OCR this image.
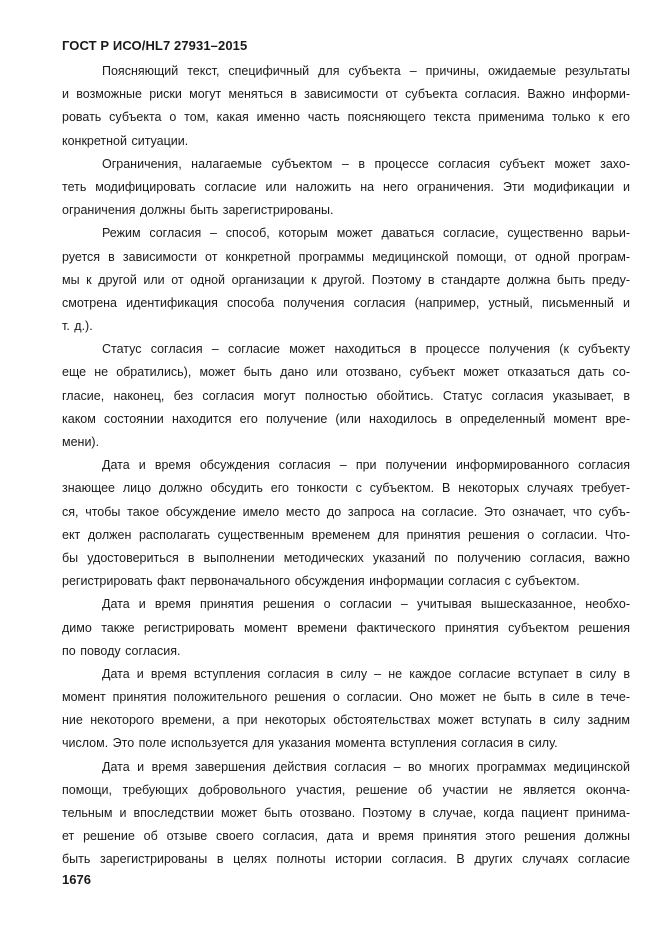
ГОСТ Р ИСО/HL7 27931–2015
Поясняющий текст, специфичный для субъекта – причины, ожидаемые результаты
и возможные риски могут меняться в зависимости от субъекта согласия. Важно информи-
ровать субъекта о том, какая именно часть поясняющего текста применима только к его
конкретной ситуации.
Ограничения, налагаемые субъектом – в процессе согласия субъект может захо-
теть модифицировать согласие или наложить на него ограничения. Эти модификации и
ограничения должны быть зарегистрированы.
Режим согласия – способ, которым может даваться согласие, существенно варьи-
руется в зависимости от конкретной программы медицинской помощи, от одной програм-
мы к другой или от одной организации к другой. Поэтому в стандарте должна быть преду-
смотрена идентификация способа получения согласия (например, устный, письменный и
т. д.).
Статус согласия – согласие может находиться в процессе получения (к субъекту
еще не обратились), может быть дано или отозвано, субъект может отказаться дать со-
гласие, наконец, без согласия могут полностью обойтись. Статус согласия указывает, в
каком состоянии находится его получение (или находилось в определенный момент вре-
мени).
Дата и время обсуждения согласия – при получении информированного согласия
знающее лицо должно обсудить его тонкости с субъектом. В некоторых случаях требует-
ся, чтобы такое обсуждение имело место до запроса на согласие. Это означает, что субъ-
ект должен располагать существенным временем для принятия решения о согласии. Что-
бы удостовериться в выполнении методических указаний по получению согласия, важно
регистрировать факт первоначального обсуждения информации согласия с субъектом.
Дата и время принятия решения о согласии – учитывая вышесказанное, необхо-
димо также регистрировать момент времени фактического принятия субъектом решения
по поводу согласия.
Дата и время вступления согласия в силу – не каждое согласие вступает в силу в
момент принятия положительного решения о согласии. Оно может не быть в силе в тече-
ние некоторого времени, а при некоторых обстоятельствах может вступать в силу задним
числом. Это поле используется для указания момента вступления согласия в силу.
Дата и время завершения действия согласия – во многих программах медицинской
помощи, требующих добровольного участия, решение об участии не является оконча-
тельным и впоследствии может быть отозвано. Поэтому в случае, когда пациент принима-
ет решение об отзыве своего согласия, дата и время принятия этого решения должны
быть зарегистрированы в целях полноты истории согласия. В других случаях согласие
1676
